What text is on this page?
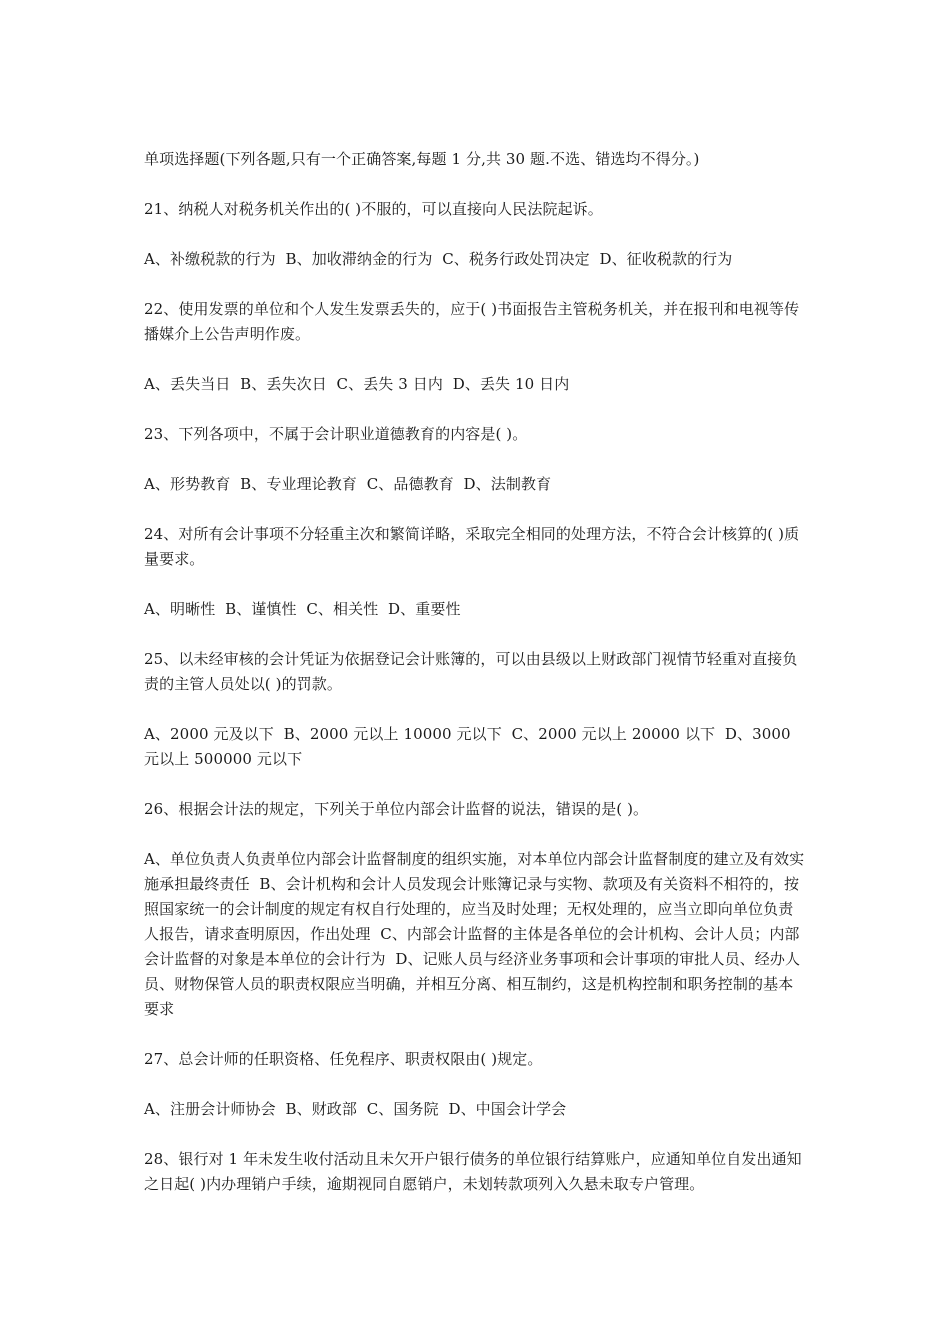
单项选择题(下列各题,只有一个正确答案,每题 1 分,共 30 题.不选、错选均不得分。)

21、纳税人对税务机关作出的( )不服的，可以直接向人民法院起诉。

A、补缴税款的行为  B、加收滞纳金的行为  C、税务行政处罚决定  D、征收税款的行为

22、使用发票的单位和个人发生发票丢失的，应于( )书面报告主管税务机关，并在报刊和电视等传播媒介上公告声明作废。

A、丢失当日  B、丢失次日  C、丢失 3 日内  D、丢失 10 日内

23、下列各项中，不属于会计职业道德教育的内容是( )。

A、形势教育  B、专业理论教育  C、品德教育  D、法制教育

24、对所有会计事项不分轻重主次和繁简详略，采取完全相同的处理方法，不符合会计核算的( )质量要求。

A、明晰性  B、谨慎性  C、相关性  D、重要性

25、以未经审核的会计凭证为依据登记会计账簿的，可以由县级以上财政部门视情节轻重对直接负责的主管人员处以( )的罚款。

A、2000 元及以下  B、2000 元以上 10000 元以下  C、2000 元以上 20000 以下  D、3000 元以上 500000 元以下

26、根据会计法的规定，下列关于单位内部会计监督的说法，错误的是( )。

A、单位负责人负责单位内部会计监督制度的组织实施，对本单位内部会计监督制度的建立及有效实施承担最终责任  B、会计机构和会计人员发现会计账簿记录与实物、款项及有关资料不相符的，按照国家统一的会计制度的规定有权自行处理的，应当及时处理；无权处理的，应当立即向单位负责人报告，请求查明原因，作出处理  C、内部会计监督的主体是各单位的会计机构、会计人员；内部会计监督的对象是本单位的会计行为  D、记账人员与经济业务事项和会计事项的审批人员、经办人员、财物保管人员的职责权限应当明确，并相互分离、相互制约，这是机构控制和职务控制的基本要求

27、总会计师的任职资格、任免程序、职责权限由( )规定。

A、注册会计师协会  B、财政部  C、国务院  D、中国会计学会

28、银行对 1 年未发生收付活动且未欠开户银行债务的单位银行结算账户，应通知单位自发出通知之日起( )内办理销户手续，逾期视同自愿销户，未划转款项列入久悬未取专户管理。
